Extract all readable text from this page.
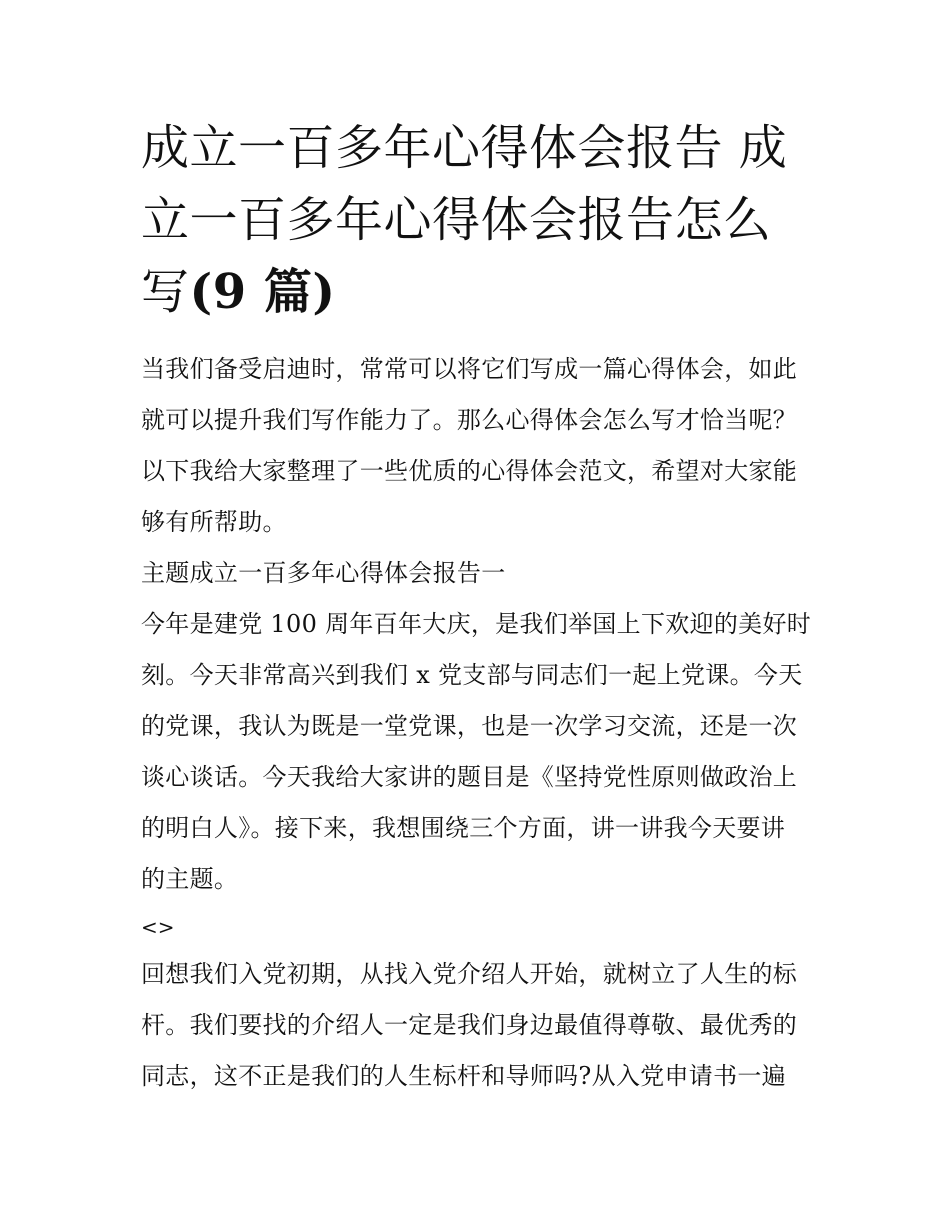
成立一百多年心得体会报告 成
立一百多年心得体会报告怎么
写(9 篇)

当我们备受启迪时，常常可以将它们写成一篇心得体会，如此
就可以提升我们写作能力了。那么心得体会怎么写才恰当呢？
以下我给大家整理了一些优质的心得体会范文，希望对大家能
够有所帮助。

主题成立一百多年心得体会报告一

今年是建党 100 周年百年大庆，是我们举国上下欢迎的美好时
刻。今天非常高兴到我们 x 党支部与同志们一起上党课。今天
的党课，我认为既是一堂党课，也是一次学习交流，还是一次
谈心谈话。今天我给大家讲的题目是《坚持党性原则做政治上
的明白人》。接下来，我想围绕三个方面，讲一讲我今天要讲
的主题。

<>

回想我们入党初期，从找入党介绍人开始，就树立了人生的标
杆。我们要找的介绍人一定是我们身边最值得尊敬、最优秀的
同志，这不正是我们的人生标杆和导师吗?从入党申请书一遍
